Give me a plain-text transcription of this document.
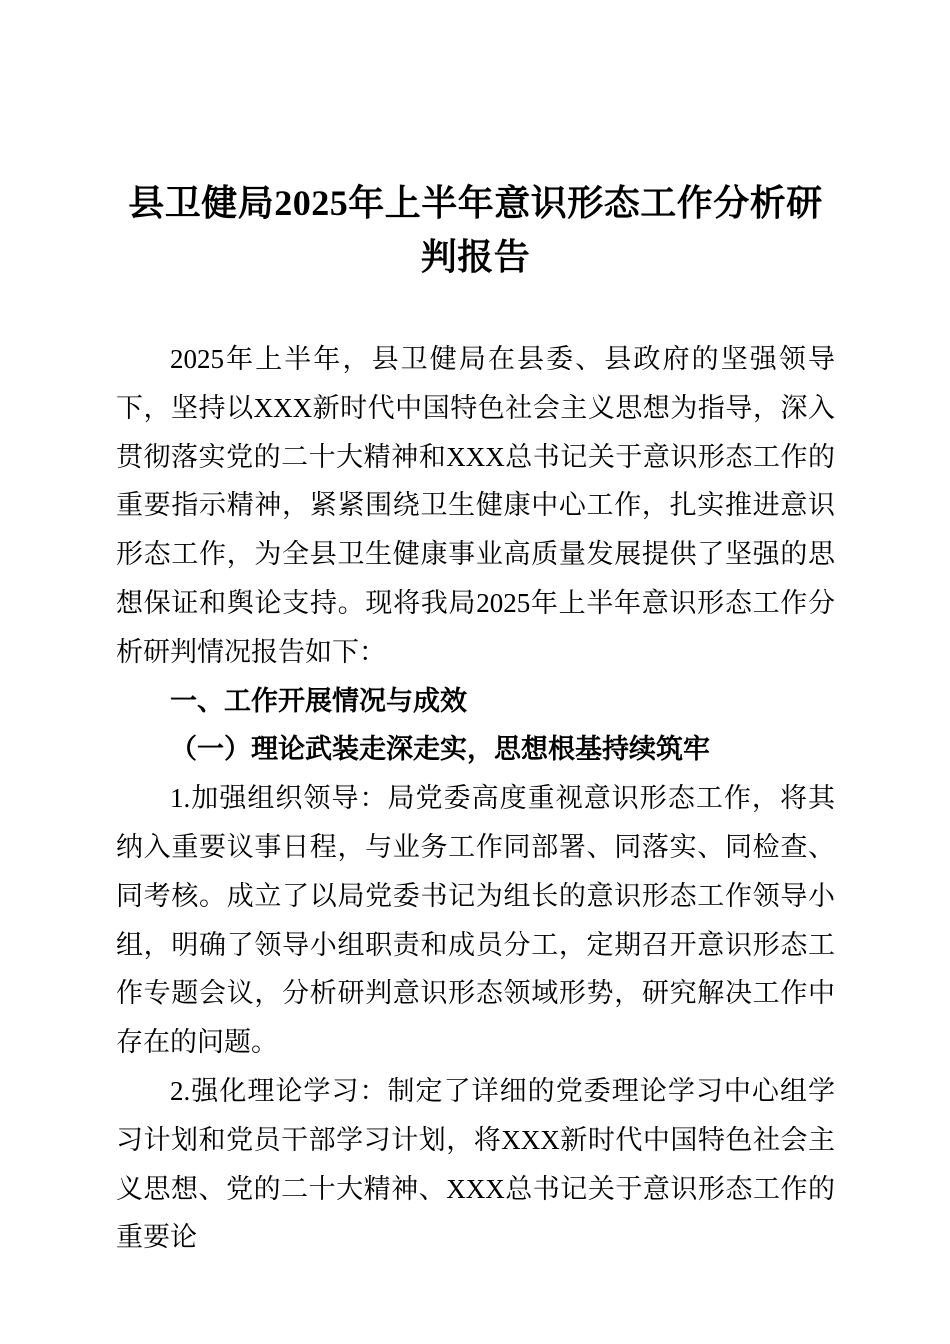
县卫健局2025年上半年意识形态工作分析研判报告

2025年上半年，县卫健局在县委、县政府的坚强领导下，坚持以XXX新时代中国特色社会主义思想为指导，深入贯彻落实党的二十大精神和XXX总书记关于意识形态工作的重要指示精神，紧紧围绕卫生健康中心工作，扎实推进意识形态工作，为全县卫生健康事业高质量发展提供了坚强的思想保证和舆论支持。现将我局2025年上半年意识形态工作分析研判情况报告如下：

一、工作开展情况与成效

（一）理论武装走深走实，思想根基持续筑牢

1.加强组织领导：局党委高度重视意识形态工作，将其纳入重要议事日程，与业务工作同部署、同落实、同检查、同考核。成立了以局党委书记为组长的意识形态工作领导小组，明确了领导小组职责和成员分工，定期召开意识形态工作专题会议，分析研判意识形态领域形势，研究解决工作中存在的问题。

2.强化理论学习：制定了详细的党委理论学习中心组学习计划和党员干部学习计划，将XXX新时代中国特色社会主义思想、党的二十大精神、XXX总书记关于意识形态工作的重要论
